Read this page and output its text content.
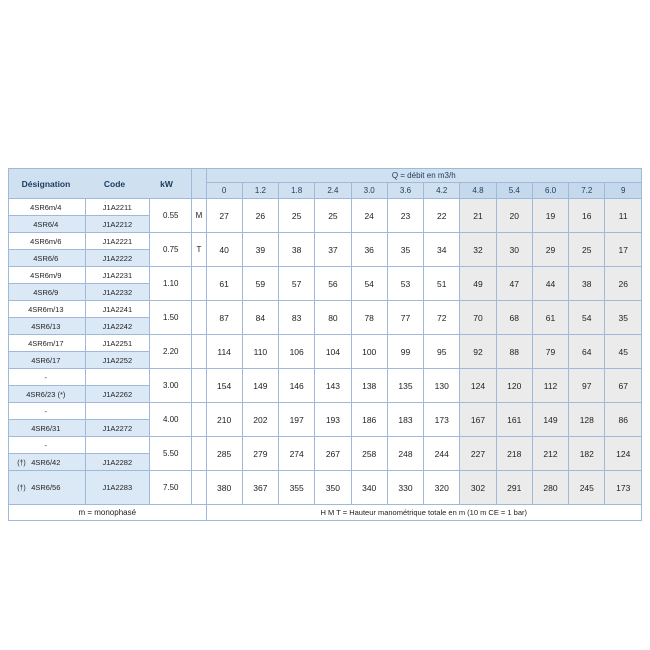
Désignation Code kW				Q = débit en m3/h											
				0	1.2	1.8	2.4	3.0	3.6	4.2	4.8	5.4	6.0	7.2	9
4SR6m/4	J1A2211	0.55	M	27	26	25	25	24	23	22	21	20	19	16	11
4SR6/4	J1A2212														
4SR6m/6	J1A2221	0.75	T	40	39	38	37	36	35	34	32	30	29	25	17
4SR6/6	J1A2222														
4SR6m/9	J1A2231	1.10		61	59	57	56	54	53	51	49	47	44	38	26
4SR6/9	J1A2232														
4SR6m/13	J1A2241	1.50		87	84	83	80	78	77	72	70	68	61	54	35
4SR6/13	J1A2242														
4SR6m/17	J1A2251	2.20		114	110	106	104	100	99	95	92	88	79	64	45
4SR6/17	J1A2252														
-		3.00		154	149	146	143	138	135	130	124	120	112	97	67
4SR6/23 (*)	J1A2262														
-		4.00		210	202	197	193	186	183	173	167	161	149	128	86
4SR6/31	J1A2272														
-		5.50		285	279	274	267	258	248	244	227	218	212	182	124
(†) 4SR6/42	J1A2282														
(†) 4SR6/56	J1A2283	7.50		380	367	355	350	340	330	320	302	291	280	245	173
m = monophasé				H M T = Hauteur manométrique totale en m (10 m CE = 1 bar)											
